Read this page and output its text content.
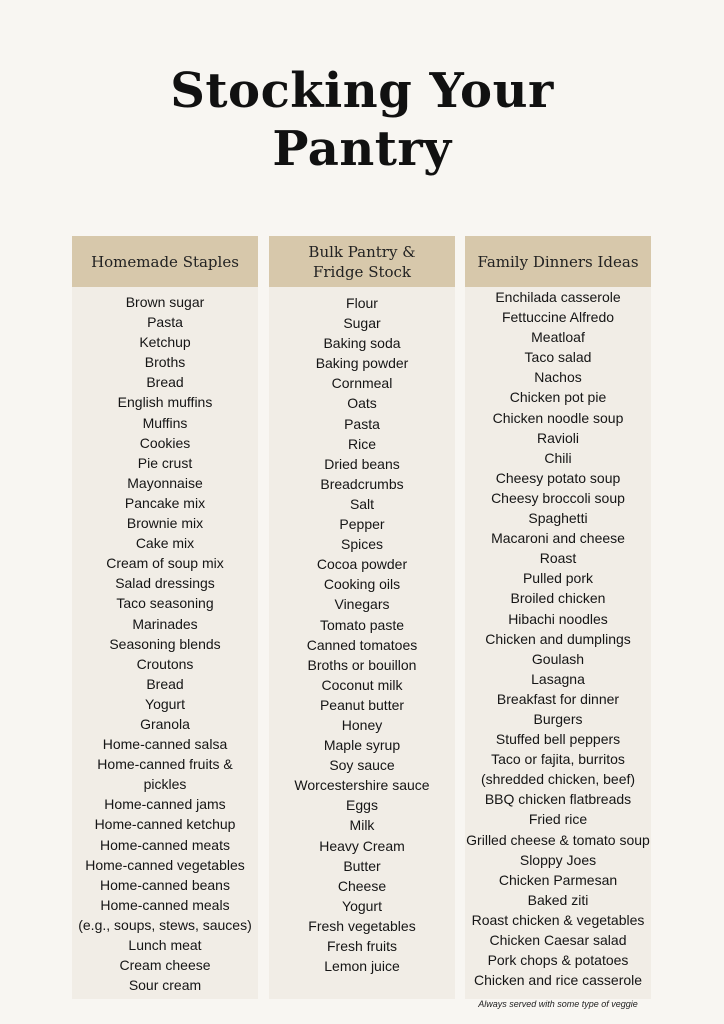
Stocking Your
Pantry
Homemade Staples
Brown sugar
Pasta
Ketchup
Broths
Bread
English muffins
Muffins
Cookies
Pie crust
Mayonnaise
Pancake mix
Brownie mix
Cake mix
Cream of soup mix
Salad dressings
Taco seasoning
Marinades
Seasoning blends
Croutons
Bread
Yogurt
Granola
Home-canned salsa
Home-canned fruits &
pickles
Home-canned jams
Home-canned ketchup
Home-canned meats
Home-canned vegetables
Home-canned beans
Home-canned meals
(e.g., soups, stews, sauces)
Lunch meat
Cream cheese
Sour cream
Bulk Pantry &
Fridge Stock
Flour
Sugar
Baking soda
Baking powder
Cornmeal
Oats
Pasta
Rice
Dried beans
Breadcrumbs
Salt
Pepper
Spices
Cocoa powder
Cooking oils
Vinegars
Tomato paste
Canned tomatoes
Broths or bouillon
Coconut milk
Peanut butter
Honey
Maple syrup
Soy sauce
Worcestershire sauce
Eggs
Milk
Heavy Cream
Butter
Cheese
Yogurt
Fresh vegetables
Fresh fruits
Lemon juice
Family Dinners Ideas
Enchilada casserole
Fettuccine Alfredo
Meatloaf
Taco salad
Nachos
Chicken pot pie
Chicken noodle soup
Ravioli
Chili
Cheesy potato soup
Cheesy broccoli soup
Spaghetti
Macaroni and cheese
Roast
Pulled pork
Broiled chicken
Hibachi noodles
Chicken and dumplings
Goulash
Lasagna
Breakfast for dinner
Burgers
Stuffed bell peppers
Taco or fajita, burritos
(shredded chicken, beef)
BBQ chicken flatbreads
Fried rice
Grilled cheese & tomato soup
Sloppy Joes
Chicken Parmesan
Baked ziti
Roast chicken & vegetables
Chicken Caesar salad
Pork chops & potatoes
Chicken and rice casserole
Always served with some type of veggie
